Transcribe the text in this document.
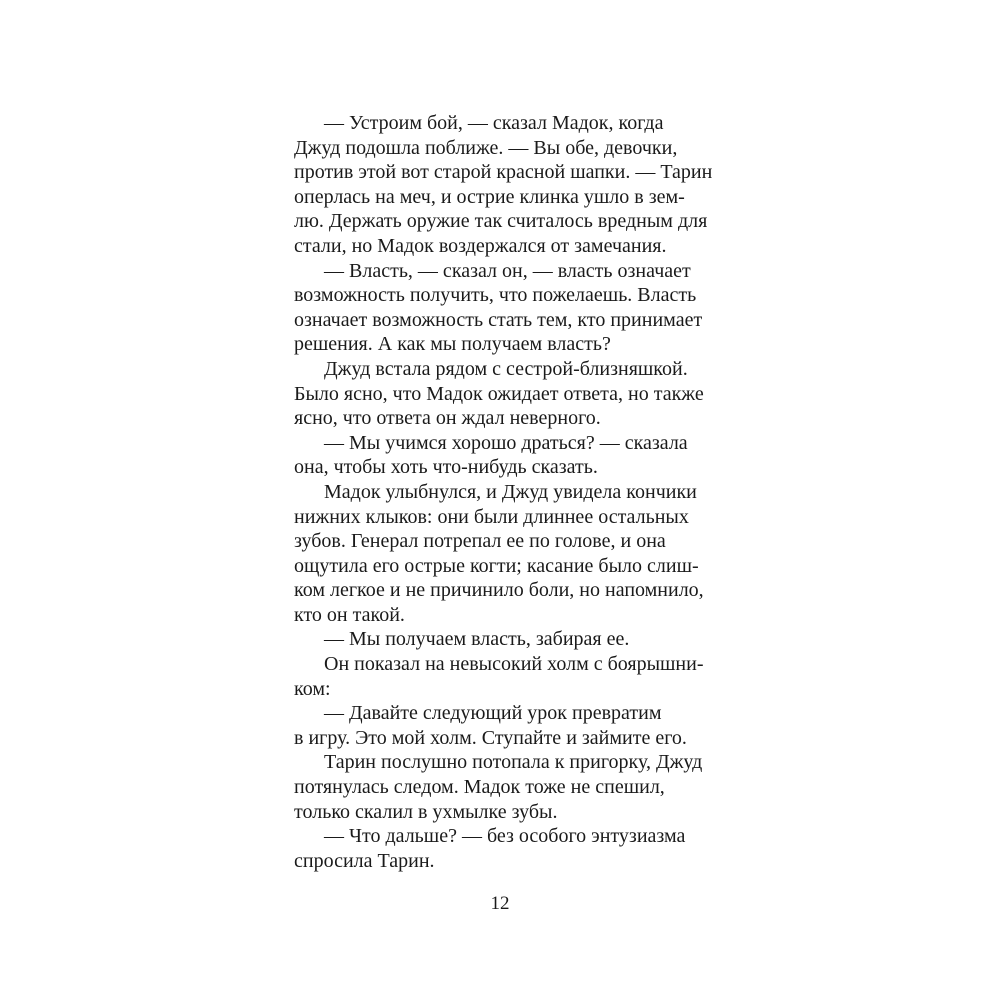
— Устроим бой, — сказал Мадок, когда
Джуд подошла поближе. — Вы обе, девочки,
против этой вот старой красной шапки. — Тарин
оперлась на меч, и острие клинка ушло в зем-
лю. Держать оружие так считалось вредным для
стали, но Мадок воздержался от замечания.
— Власть, — сказал он, — власть означает
возможность получить, что пожелаешь. Власть
означает возможность стать тем, кто принимает
решения. А как мы получаем власть?
Джуд встала рядом с сестрой-близняшкой.
Было ясно, что Мадок ожидает ответа, но также
ясно, что ответа он ждал неверного.
— Мы учимся хорошо драться? — сказала
она, чтобы хоть что-нибудь сказать.
Мадок улыбнулся, и Джуд увидела кончики
нижних клыков: они были длиннее остальных
зубов. Генерал потрепал ее по голове, и она
ощутила его острые когти; касание было слиш-
ком легкое и не причинило боли, но напомнило,
кто он такой.
— Мы получаем власть, забирая ее.
Он показал на невысокий холм с боярышни-
ком:
— Давайте следующий урок превратим
в игру. Это мой холм. Ступайте и займите его.
Тарин послушно потопала к пригорку, Джуд
потянулась следом. Мадок тоже не спешил,
только скалил в ухмылке зубы.
— Что дальше? — без особого энтузиазма
спросила Тарин.
12
